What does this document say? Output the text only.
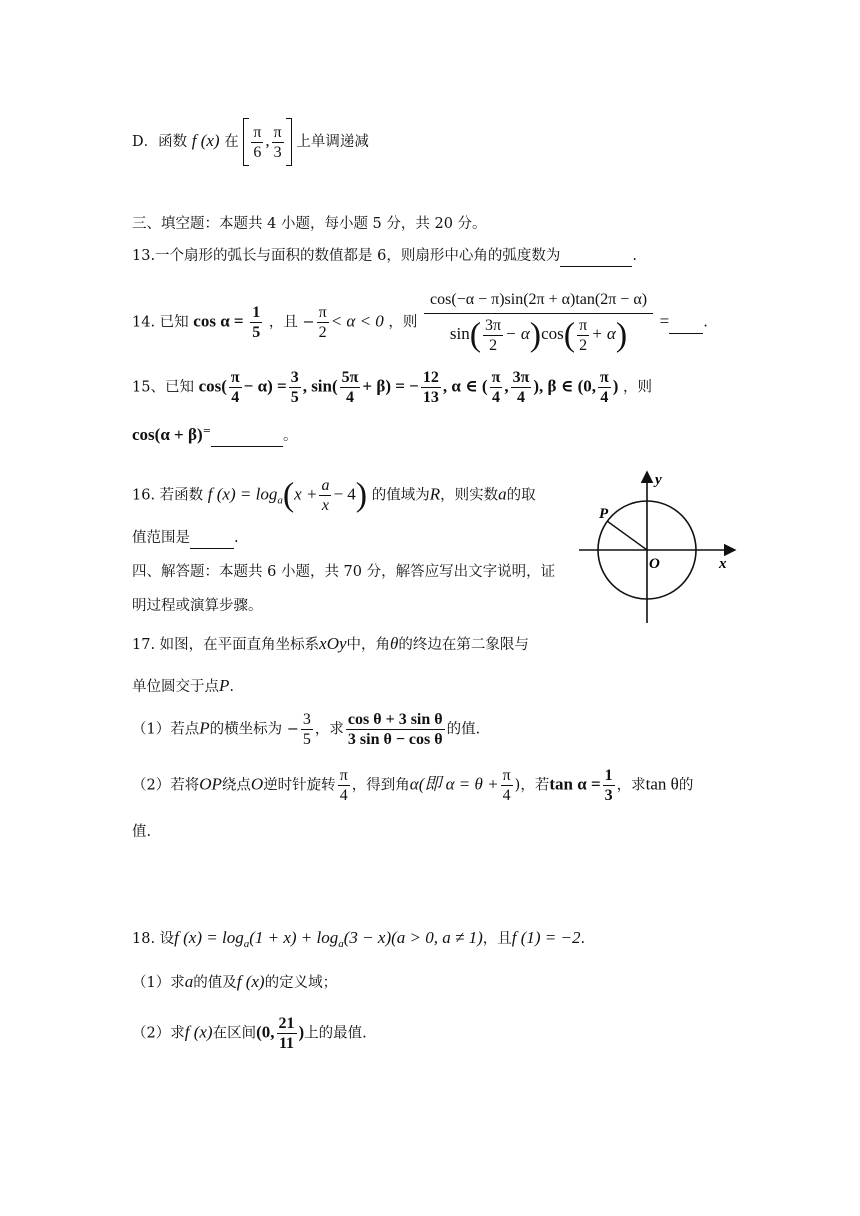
D．函数 f (x) 在 $\frac{\pi}{6}$ , $\frac{\pi}{3}$ 上单调递减
三、填空题：本题共 4 小题，每小题 5 分，共 20 分。
13.一个扇形的弧长与面积的数值都是 6，则扇形中心角的弧度数为	.
14. 已知 $\cos \alpha = \frac{1}{5}$ ，且 − $\frac{\pi}{2} < \alpha < 0$ ，则 $\frac{\cos(-\alpha - \pi)\sin(2\pi + \alpha)\tan(2\pi - \alpha)}{\sin( \frac{3\pi}{2} - \alpha)\cos( \frac{\pi}{2} + \alpha)}$ = .
15、已知 $\cos( \frac{\pi}{4} - \alpha) = \frac{3}{5}$ , $\sin( \frac{5\pi}{4} + \beta)$ = − $\frac{12}{13}$ , α ∈ ( $\frac{\pi}{4}$ , $\frac{3\pi}{4}$ ), β ∈ (0, $\frac{\pi}{4}$ ) ，则
cos(α + β)=	。
16. 若函数 f $(x) = \log_a(x + \frac{a}{x} - 4)$ 的值域为R，则实数a的取
值范围是	.
四、解答题：本题共 6 小题，共 70 分，解答应写出文字说明，证
明过程或演算步骤。
17. 如图，在平面直角坐标系xOy中，角θ的终边在第二象限与
单位圆交于点P.
（1）若点P的横坐标为 − $\frac{3}{5}$ ，求 $\frac{\text{cos θ + 3 sin θ}}{\text{3 sin θ − cos θ}}$ 的值.
（2）若将OP绕点O逆时针旋转 $\frac{\pi}{4}$ ，得到角α(即 $\alpha = \theta + \frac{\pi}{4}$ )，若$\tan \alpha = \frac{1}{3}$ ，求tan θ的
值.
18. 设f $(x) = \log_a(1 + x) + \log_a(3 - x)(a > 0$, a ≠ 1)，且f (1) = −2.
（1）求a的值及f (x)的定义域；
（2）求f (x)在区间(0, $\frac{21}{11}$ )上的最值.
y
x
O
P
